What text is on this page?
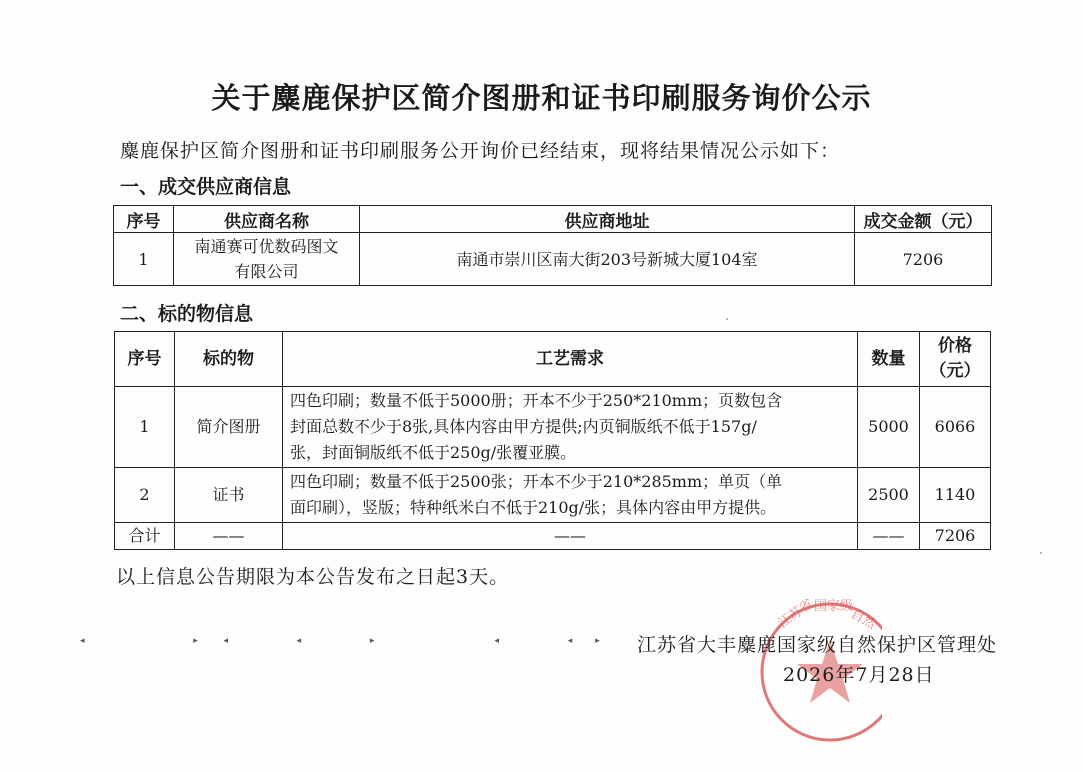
关于麋鹿保护区简介图册和证书印刷服务询价公示
麋鹿保护区简介图册和证书印刷服务公开询价已经结束，现将结果情况公示如下：
一、成交供应商信息
序号	供应商名称	供应商地址	成交金额（元）
1	南通赛可优数码图文
有限公司	南通市崇川区南大街203号新城大厦104室	7206
二、标的物信息
序号	标的物	工艺需求	数量	价格
（元）

1	简介图册	四色印刷；数量不低于5000册；开本不少于250*210mm；页数包含
封面总数不少于8张,具体内容由甲方提供;内页铜版纸不低于157g/
张，封面铜版纸不低于250g/张覆亚膜。	5000	6066
2	证书	四色印刷；数量不低于2500张；开本不少于210*285mm；单页（单
面印刷），竖版；特种纸米白不低于210g/张；具体内容由甲方提供。	2500	1140
合计	——	——	——	7206
以上信息公告期限为本公告发布之日起3天。
◂                                      ▸         ◂                        ◂                        ▸                                          ◂                        ◂        ▸
江苏省
国家级
自然
江苏省大丰麋鹿国家级自然保护区管理处
2026年7月28日
